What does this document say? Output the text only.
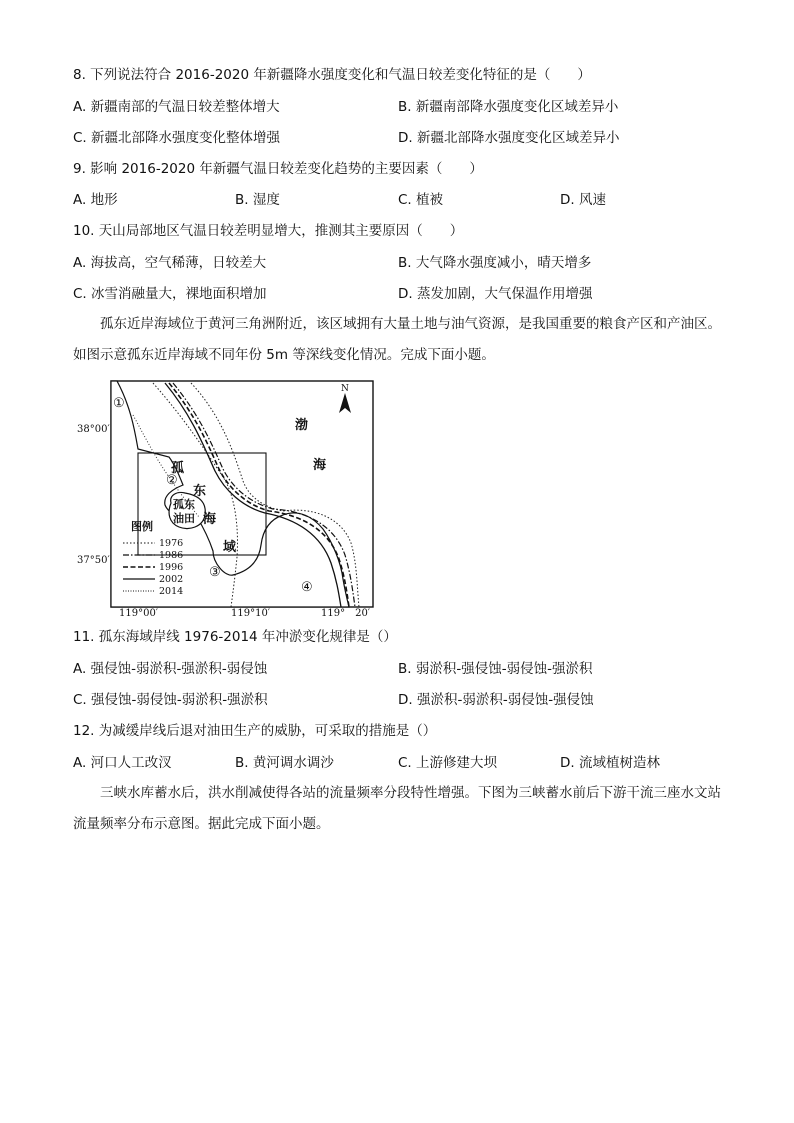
8. 下列说法符合 2016-2020 年新疆降水强度变化和气温日较差变化特征的是（　　）
A. 新疆南部的气温日较差整体增大	B. 新疆南部降水强度变化区域差异小
C. 新疆北部降水强度变化整体增强	D. 新疆北部降水强度变化区域差异小
9. 影响 2016-2020 年新疆气温日较差变化趋势的主要因素（　　）
A. 地形	B. 湿度	C. 植被	D. 风速
10. 天山局部地区气温日较差明显增大，推测其主要原因（　　）
A. 海拔高，空气稀薄，日较差大	B. 大气降水强度减小，晴天增多
C. 冰雪消融量大，裸地面积增加	D. 蒸发加剧，大气保温作用增强
孤东近岸海域位于黄河三角洲附近，该区域拥有大量土地与油气资源，是我国重要的粮食产区和产油区。如图示意孤东近岸海域不同年份 5m 等深线变化情况。完成下面小题。
N
渤
海
孤
东
海
域
孤东
油田
①
②
③
④
38°00′
37°50′
119°00′	119°10′	119°　20′
图例
1976
1986
1996
2002
2014
11. 孤东海域岸线 1976-2014 年冲淤变化规律是（）
A. 强侵蚀-弱淤积-强淤积-弱侵蚀	B. 弱淤积-强侵蚀-弱侵蚀-强淤积
C. 强侵蚀-弱侵蚀-弱淤积-强淤积	D. 强淤积-弱淤积-弱侵蚀-强侵蚀
12. 为减缓岸线后退对油田生产的威胁，可采取的措施是（）
A. 河口人工改汊	B. 黄河调水调沙	C. 上游修建大坝	D. 流域植树造林
三峡水库蓄水后，洪水削减使得各站的流量频率分段特性增强。下图为三峡蓄水前后下游干流三座水文站流量频率分布示意图。据此完成下面小题。
